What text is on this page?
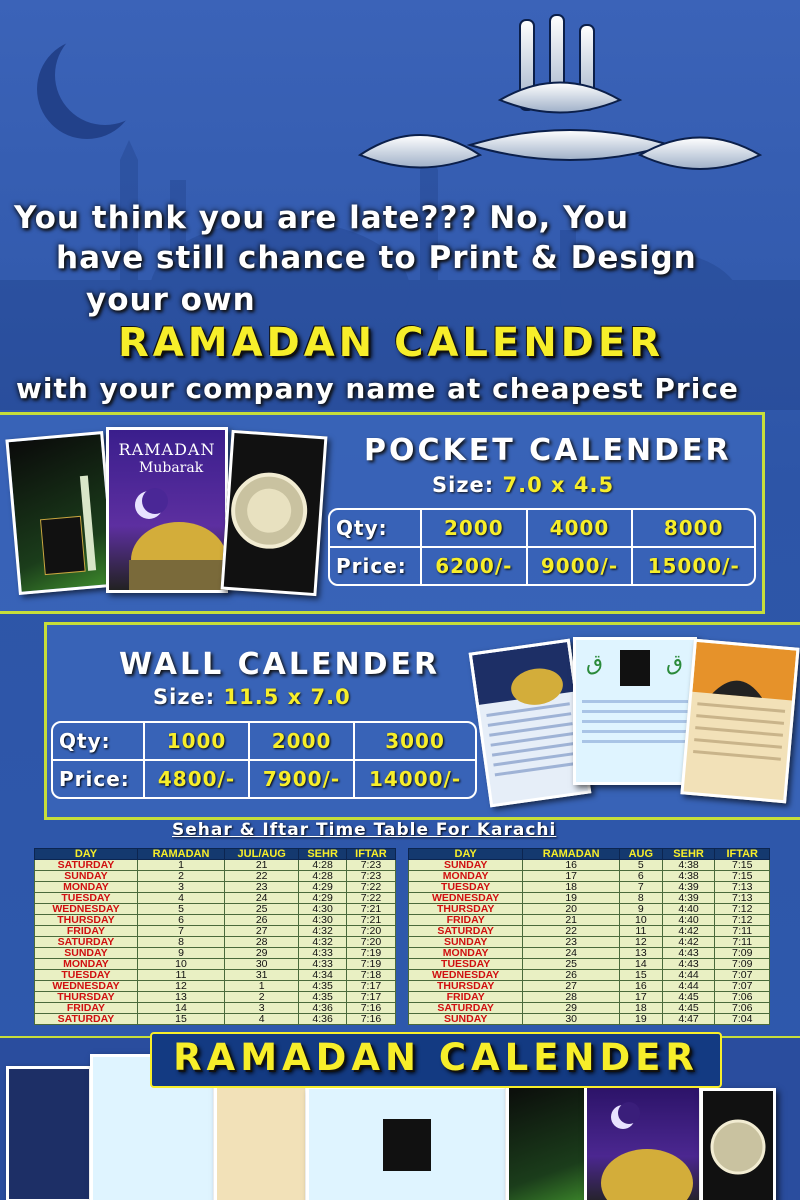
You think you are late??? No, You
have still chance to Print & Design
your own
RAMADAN CALENDER
with your company name at cheapest Price
RAMADAN
Mubarak	POCKET CALENDER
Size: 7.0 x 4.5
Qty:	2000	4000	8000
Price:	6200/-	9000/-	15000/-
WALL CALENDER
Size: 11.5 x 7.0
Qty:	1000	2000	3000
Price:	4800/-	7900/-	14000/-
ق	ق
Sehar & Iftar Time Table For Karachi
DAY	RAMADAN	JUL/AUG	SEHR	IFTAR
SATURDAY	1	21	4:28	7:23
SUNDAY	2	22	4:28	7:23
MONDAY	3	23	4:29	7:22
TUESDAY	4	24	4:29	7:22
WEDNESDAY	5	25	4:30	7:21
THURSDAY	6	26	4:30	7:21
FRIDAY	7	27	4:32	7:20
SATURDAY	8	28	4:32	7:20
SUNDAY	9	29	4:33	7:19
MONDAY	10	30	4:33	7:19
TUESDAY	11	31	4:34	7:18
WEDNESDAY	12	1	4:35	7:17
THURSDAY	13	2	4:35	7:17
FRIDAY	14	3	4:36	7:16
SATURDAY	15	4	4:36	7:16
DAY	RAMADAN	AUG	SEHR	IFTAR
SUNDAY	16	5	4:38	7:15
MONDAY	17	6	4:38	7:15
TUESDAY	18	7	4:39	7:13
WEDNESDAY	19	8	4:39	7:13
THURSDAY	20	9	4:40	7:12
FRIDAY	21	10	4:40	7:12
SATURDAY	22	11	4:42	7:11
SUNDAY	23	12	4:42	7:11
MONDAY	24	13	4:43	7:09
TUESDAY	25	14	4:43	7:09
WEDNESDAY	26	15	4:44	7:07
THURSDAY	27	16	4:44	7:07
FRIDAY	28	17	4:45	7:06
SATURDAY	29	18	4:45	7:06
SUNDAY	30	19	4:47	7:04
RAMADAN CALENDER
